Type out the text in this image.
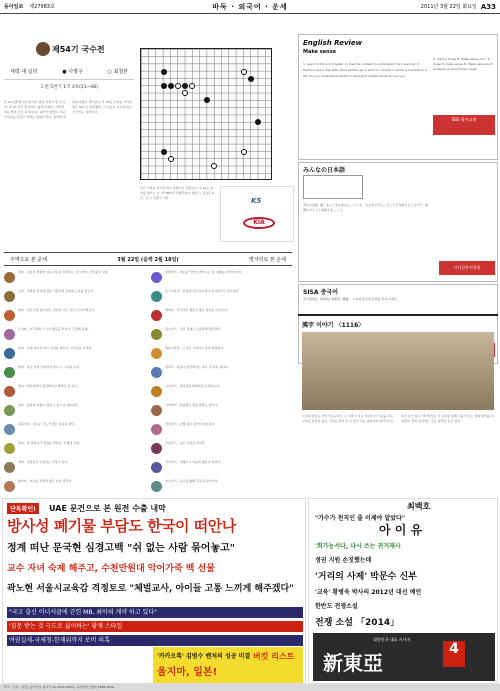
동아일보 제27983호	바둑 · 외국어 · 운세	2011년 3월 22일 화요일 A33
제54기 국수전
세력 대 실리	● 이영구	○ 최철한
도전 5번기 1국 3보(21~48)
흑 21이면 왜 만수의 적은 말을 지켜야 할 곳이다. 백 25 이후 백 대마는 삶에 가깝다. 기세에서는 백이 조금 유리하다는 평가가 많았다. 흑은 우상귀를 굳히고 하변을 넓혀야 한다. 실리와 세력의 대결이 계속된다. 흑 29로 모양을 지키자 백은 30으로 침입했다. 이 수순은 서로의 의도가 맞서는 장면이다.
흑이 우변을 지키면 백은 하변으로 전환한다. 흑 41은 실리를 챙기는 수. 백 48까지 진행되었다. 해설 = 김승준 9단 · 글 = 김종석 기자	K5
KIA
English Review
Make sense
1. Learn to think in English. 2. Use the context to understand the meaning. 3. Practice every day with short sentences. A word in context is worth a hundred in a list. Do you understand what I'm saying? It makes sense to me now.
A. Idioms today B. Make sense of C. It doesn't make sense D. Make sense to E. Answers on tomorrow's page
EBS 영어교재
みんなの日本語
今日の会話: 遅くなってすみません。いいえ、大丈夫ですよ。ちょうど今来たところです。表現のポイントを覚えましょう。
시사일본어학원
SISA 중국어
今天的表达: 你好吗? 我很好, 谢谢。 오늘의 중국어 표현을 익혀 보세요.
주역으로 본 운세	3월 22일 (음력 2월 18일)	별자리로 본 운세
쥐띠 - 오늘은 계획한 일을 차분히 진행하는 것이 좋다. 금전운은 보통.	물병자리 - 새로운 인연이 찾아오는 날. 대화를 아끼지 마라.
소띠 - 주변의 조언에 귀를 기울이면 뜻밖의 도움을 얻는다.	물고기자리 - 감정에 치우치지 말고 이성적으로 판단하라.
범띠 - 서두르면 실수한다. 천천히 가는 것이 오히려 빠르다.	양자리 - 적극적인 행동이 좋은 결과로 이어진다.
토끼띠 - 가족과의 시간이 행운을 부른다. 건강에 유의.	황소자리 - 금전 문제는 신중하게 처리하라.
용띠 - 오래 준비한 일이 결실을 맺는다. 자신감을 가져라.	쌍둥이자리 - 소식을 기다리던 일이 해결된다.
뱀띠 - 작은 일에 집착하지 말고 큰 그림을 보라.	게자리 - 마음이 편안해지는 하루. 휴식을 취하라.
말띠 - 대인관계가 원만해지고 협력이 잘 된다.	사자자리 - 리더십을 발휘하면 주목받는다.
양띠 - 뜻밖의 지출이 생길 수 있으니 대비하라.	처녀자리 - 꼼꼼함이 빛을 발하는 날이다.
원숭이띠 - 새로운 시도가 좋은 성과를 낸다.	천칭자리 - 균형 잡힌 판단이 필요하다.
닭띠 - 말 한마디가 상황을 바꾼다. 언행에 주의.	전갈자리 - 숨은 기회를 찾아라.
개띠 - 성실함이 인정받는 하루가 된다.	사수자리 - 여행이나 이동에 행운이 따른다.
돼지띠 - 여유를 가지면 좋은 일이 생긴다.	염소자리 - 목표를 향해 꾸준히 나아가라.
漢字 이야기 〈1116〉
오늘의 한자는 사람 인(人)이다. 두 사람이 서로 기대어 선 모습을 본뜬 글자로 알려져 있다. 사람은 혼자 살 수 없고 서로 의지하며 살아간다는 뜻이 담겨 있다. 옛사람들은 이 글자를 통해 더불어 사는 삶의 의미를 되새겼다. 한자 하나에도 깊은 철학이 숨어 있다.
단독확인!	UAE 문건으로 본 원전 수출 내막
방사성 폐기물 부담도 한국이 떠안나
정계 떠난 문국현 심경고백 "쉬 없는 사람 묶어놓고"
교수 자녀 숙제 해주고, 수천만원대 악어가죽 백 선물
곽노현 서울시교육감 격정토로 "체벌교사, 아이들 고통 느끼게 해주겠다"
"국고 출신 이너서클에 갇힌 MB, 최악의 게약 하고 있다"
'질문 받는 것 극도로 싫어하는' 황제 스타일
여권실세-국세청-한재위까지 로비 의혹
'카카오톡' 김범수 벤처의 성공 비결
울지마, 일본!
버킷 리스트
최백호
"가수가 천직인 줄 이제야 알았다"
아 이 유
'회가능서다, 다시 쓰는 귀거래사
정권 지원 손짓했는데
'거리의 사제' 박문수 신부
'교육' 황병욱 박사의 2012년 대선 예언
한반도 전쟁소설
전쟁 소설 「2014」
대한민국 대표 시사지
新東亞
4
부고 · 인사 · 알림 | 동아일보 광고국 02-2020-0000 | 독자서비스센터 1588-0000
